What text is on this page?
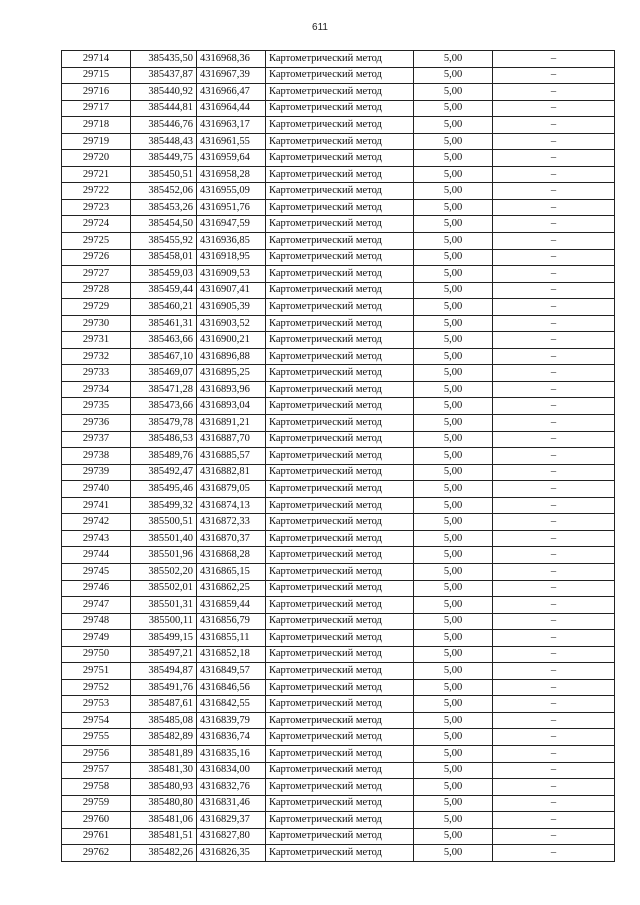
611
29714	385435,50	4316968,36	Картометрический метод	5,00	–
29715	385437,87	4316967,39	Картометрический метод	5,00	–
29716	385440,92	4316966,47	Картометрический метод	5,00	–
29717	385444,81	4316964,44	Картометрический метод	5,00	–
29718	385446,76	4316963,17	Картометрический метод	5,00	–
29719	385448,43	4316961,55	Картометрический метод	5,00	–
29720	385449,75	4316959,64	Картометрический метод	5,00	–
29721	385450,51	4316958,28	Картометрический метод	5,00	–
29722	385452,06	4316955,09	Картометрический метод	5,00	–
29723	385453,26	4316951,76	Картометрический метод	5,00	–
29724	385454,50	4316947,59	Картометрический метод	5,00	–
29725	385455,92	4316936,85	Картометрический метод	5,00	–
29726	385458,01	4316918,95	Картометрический метод	5,00	–
29727	385459,03	4316909,53	Картометрический метод	5,00	–
29728	385459,44	4316907,41	Картометрический метод	5,00	–
29729	385460,21	4316905,39	Картометрический метод	5,00	–
29730	385461,31	4316903,52	Картометрический метод	5,00	–
29731	385463,66	4316900,21	Картометрический метод	5,00	–
29732	385467,10	4316896,88	Картометрический метод	5,00	–
29733	385469,07	4316895,25	Картометрический метод	5,00	–
29734	385471,28	4316893,96	Картометрический метод	5,00	–
29735	385473,66	4316893,04	Картометрический метод	5,00	–
29736	385479,78	4316891,21	Картометрический метод	5,00	–
29737	385486,53	4316887,70	Картометрический метод	5,00	–
29738	385489,76	4316885,57	Картометрический метод	5,00	–
29739	385492,47	4316882,81	Картометрический метод	5,00	–
29740	385495,46	4316879,05	Картометрический метод	5,00	–
29741	385499,32	4316874,13	Картометрический метод	5,00	–
29742	385500,51	4316872,33	Картометрический метод	5,00	–
29743	385501,40	4316870,37	Картометрический метод	5,00	–
29744	385501,96	4316868,28	Картометрический метод	5,00	–
29745	385502,20	4316865,15	Картометрический метод	5,00	–
29746	385502,01	4316862,25	Картометрический метод	5,00	–
29747	385501,31	4316859,44	Картометрический метод	5,00	–
29748	385500,11	4316856,79	Картометрический метод	5,00	–
29749	385499,15	4316855,11	Картометрический метод	5,00	–
29750	385497,21	4316852,18	Картометрический метод	5,00	–
29751	385494,87	4316849,57	Картометрический метод	5,00	–
29752	385491,76	4316846,56	Картометрический метод	5,00	–
29753	385487,61	4316842,55	Картометрический метод	5,00	–
29754	385485,08	4316839,79	Картометрический метод	5,00	–
29755	385482,89	4316836,74	Картометрический метод	5,00	–
29756	385481,89	4316835,16	Картометрический метод	5,00	–
29757	385481,30	4316834,00	Картометрический метод	5,00	–
29758	385480,93	4316832,76	Картометрический метод	5,00	–
29759	385480,80	4316831,46	Картометрический метод	5,00	–
29760	385481,06	4316829,37	Картометрический метод	5,00	–
29761	385481,51	4316827,80	Картометрический метод	5,00	–
29762	385482,26	4316826,35	Картометрический метод	5,00	–
